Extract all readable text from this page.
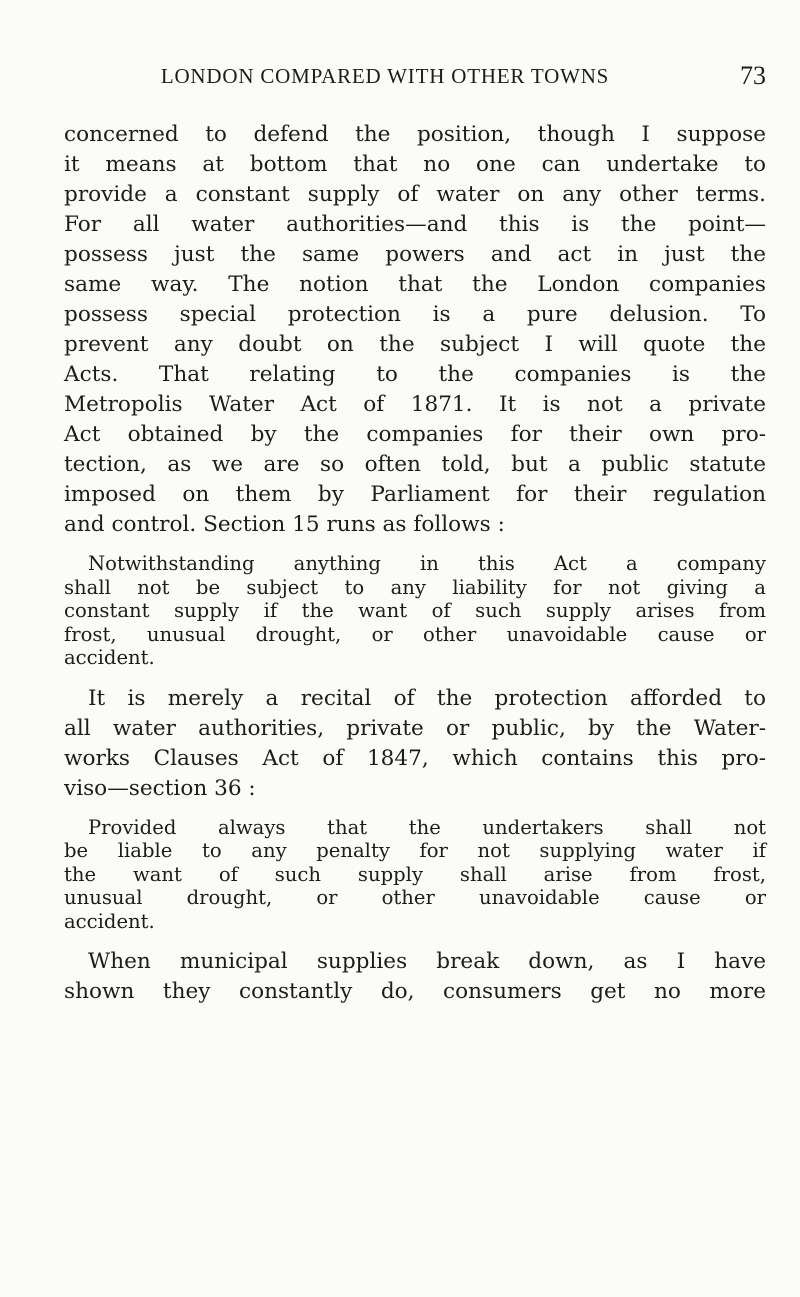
LONDON COMPARED WITH OTHER TOWNS	73
concerned to defend the position, though I suppose
it means at bottom that no one can undertake to
provide a constant supply of water on any other terms.
For all water authorities—and this is the point—
possess just the same powers and act in just the
same way. The notion that the London companies
possess special protection is a pure delusion. To
prevent any doubt on the subject I will quote the
Acts. That relating to the companies is the
Metropolis Water Act of 1871. It is not a private
Act obtained by the companies for their own pro-
tection, as we are so often told, but a public statute
imposed on them by Parliament for their regulation
and control. Section 15 runs as follows :
Notwithstanding anything in this Act a company
shall not be subject to any liability for not giving a
constant supply if the want of such supply arises from
frost, unusual drought, or other unavoidable cause or
accident.
It is merely a recital of the protection afforded to
all water authorities, private or public, by the Water-
works Clauses Act of 1847, which contains this pro-
viso—section 36 :
Provided always that the undertakers shall not
be liable to any penalty for not supplying water if
the want of such supply shall arise from frost,
unusual drought, or other unavoidable cause or
accident.
When municipal supplies break down, as I have
shown they constantly do, consumers get no more
